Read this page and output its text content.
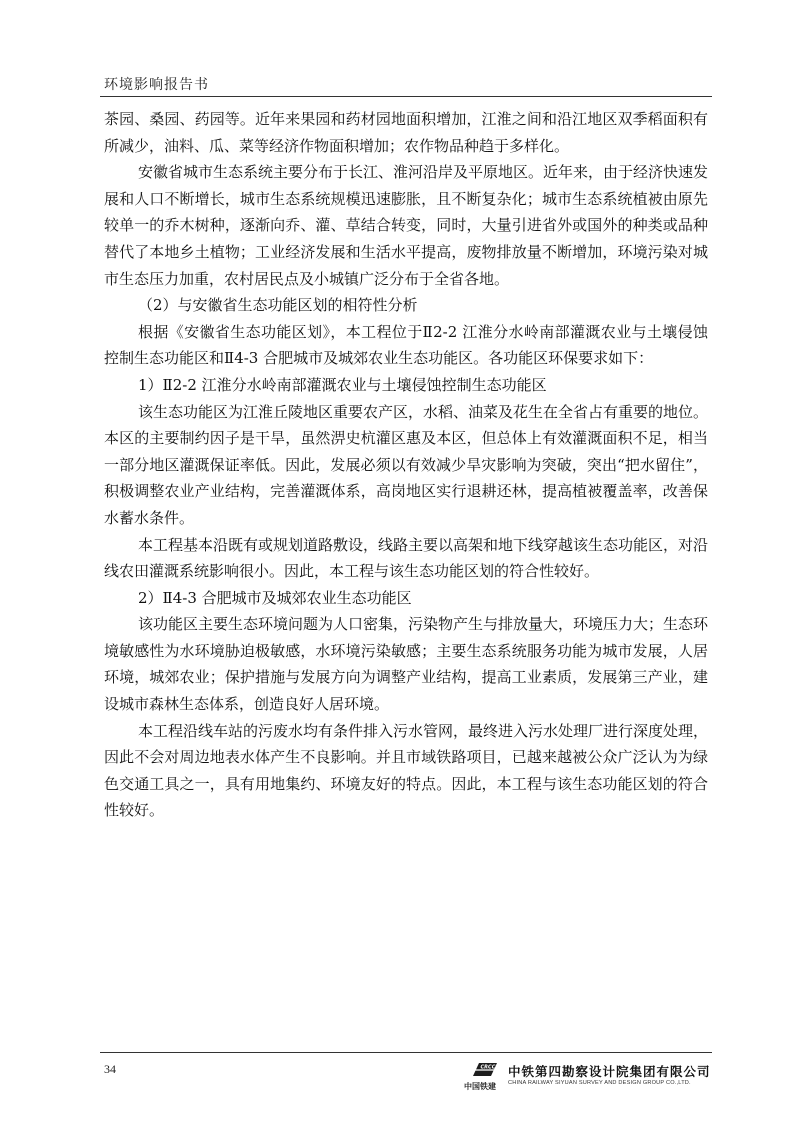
环境影响报告书

茶园、桑园、药园等。近年来果园和药材园地面积增加，江淮之间和沿江地区双季稻面积有所减少，油料、瓜、菜等经济作物面积增加；农作物品种趋于多样化。

安徽省城市生态系统主要分布于长江、淮河沿岸及平原地区。近年来，由于经济快速发展和人口不断增长，城市生态系统规模迅速膨胀，且不断复杂化；城市生态系统植被由原先较单一的乔木树种，逐渐向乔、灌、草结合转变，同时，大量引进省外或国外的种类或品种替代了本地乡土植物；工业经济发展和生活水平提高，废物排放量不断增加，环境污染对城市生态压力加重，农村居民点及小城镇广泛分布于全省各地。

（2）与安徽省生态功能区划的相符性分析

根据《安徽省生态功能区划》，本工程位于Ⅱ2-2 江淮分水岭南部灌溉农业与土壤侵蚀控制生态功能区和Ⅱ4-3 合肥城市及城郊农业生态功能区。各功能区环保要求如下：

1）Ⅱ2-2 江淮分水岭南部灌溉农业与土壤侵蚀控制生态功能区

该生态功能区为江淮丘陵地区重要农产区，水稻、油菜及花生在全省占有重要的地位。本区的主要制约因子是干旱，虽然淠史杭灌区惠及本区，但总体上有效灌溉面积不足，相当一部分地区灌溉保证率低。因此，发展必须以有效减少旱灾影响为突破，突出“把水留住”，积极调整农业产业结构，完善灌溉体系，高岗地区实行退耕还林，提高植被覆盖率，改善保水蓄水条件。

本工程基本沿既有或规划道路敷设，线路主要以高架和地下线穿越该生态功能区，对沿线农田灌溉系统影响很小。因此，本工程与该生态功能区划的符合性较好。

2）Ⅱ4-3 合肥城市及城郊农业生态功能区

该功能区主要生态环境问题为人口密集，污染物产生与排放量大，环境压力大；生态环境敏感性为水环境胁迫极敏感，水环境污染敏感；主要生态系统服务功能为城市发展，人居环境，城郊农业；保护措施与发展方向为调整产业结构，提高工业素质，发展第三产业，建设城市森林生态体系，创造良好人居环境。

本工程沿线车站的污废水均有条件排入污水管网，最终进入污水处理厂进行深度处理，因此不会对周边地表水体产生不良影响。并且市域铁路项目，已越来越被公众广泛认为为绿色交通工具之一，具有用地集约、环境友好的特点。因此，本工程与该生态功能区划的符合性较好。

34	CRCC
中国铁建
中铁第四勘察设计院集团有限公司
CHINA RAILWAY SIYUAN SURVEY AND DESIGN GROUP CO.,LTD.
